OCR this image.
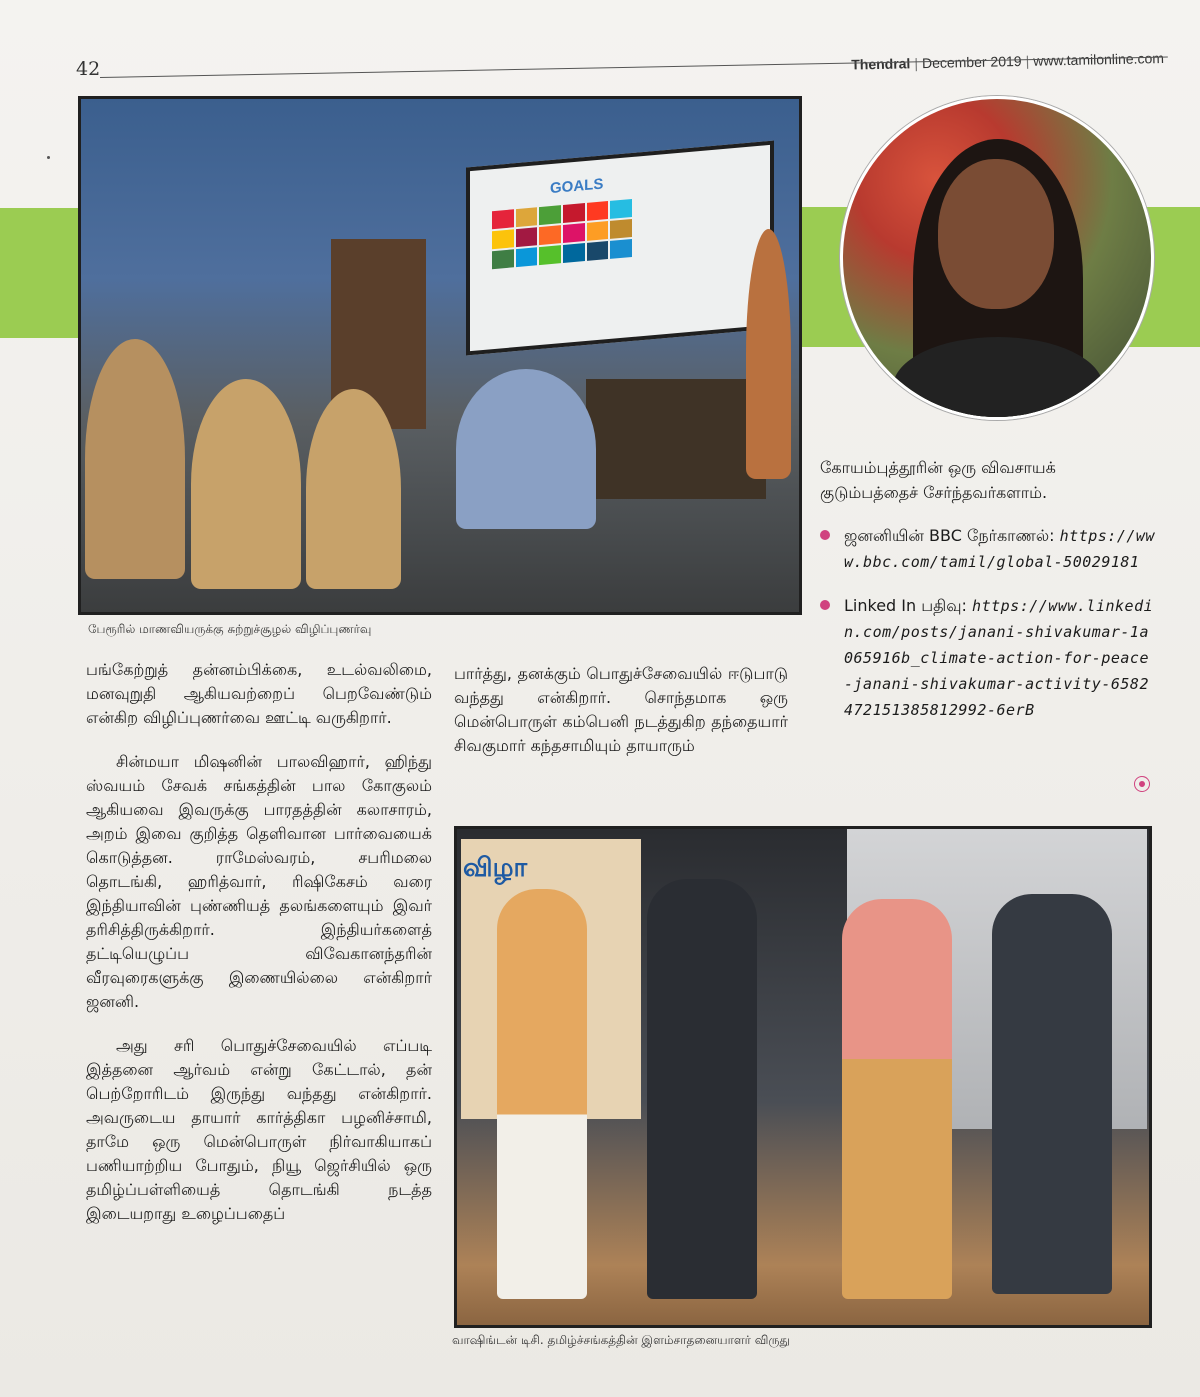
42	Thendral | December 2019 | www.tamilonline.com
GOALS
பேரூரில் மாணவியருக்கு சுற்றுச்சூழல் விழிப்புணர்வு

பங்கேற்றுத் தன்னம்பிக்கை, உடல்வலிமை, மனவுறுதி ஆகியவற்றைப் பெறவேண்டும் என்கிற விழிப்புணர்வை ஊட்டி வருகிறார்.

சின்மயா மிஷனின் பாலவிஹார், ஹிந்து ஸ்வயம் சேவக் சங்கத்தின் பால கோகுலம் ஆகியவை இவருக்கு பாரதத்தின் கலாசாரம், அறம் இவை குறித்த தெளிவான பார்வையைக் கொடுத்தன. ராமேஸ்வரம், சபரிமலை தொடங்கி, ஹரித்வார், ரிஷிகேசம் வரை இந்தியாவின் புண்ணியத் தலங்களையும் இவர் தரிசித்திருக்கிறார். இந்தியர்களைத் தட்டியெழுப்ப விவேகானந்தரின் வீரவுரைகளுக்கு இணையில்லை என்கிறார் ஜனனி.

அது சரி பொதுச்சேவையில் எப்படி இத்தனை ஆர்வம் என்று கேட்டால், தன் பெற்றோரிடம் இருந்து வந்தது என்கிறார். அவருடைய தாயார் கார்த்திகா பழனிச்சாமி, தாமே ஒரு மென்பொருள் நிர்வாகியாகப் பணியாற்றிய போதும், நியூ ஜெர்சியில் ஒரு தமிழ்ப்பள்ளியைத் தொடங்கி நடத்த இடையறாது உழைப்பதைப்

பார்த்து, தனக்கும் பொதுச்சேவையில் ஈடுபாடு வந்தது என்கிறார். சொந்தமாக ஒரு மென்பொருள் கம்பெனி நடத்துகிற தந்தையார் சிவகுமார் கந்தசாமியும் தாயாரும்

கோயம்புத்தூரின் ஒரு விவசாயக் குடும்பத்தைச் சேர்ந்தவர்களாம்.

ஜனனியின் BBC நேர்காணல்: https://www.bbc.com/tamil/global-50029181
Linked In பதிவு: https://www.linkedin.com/posts/janani-shivakumar-1a065916b_climate-action-for-peace-janani-shivakumar-activity-6582472151385812992-6erB
விழா
வாஷிங்டன் டிசி. தமிழ்ச்சங்கத்தின் இளம்சாதனையாளர் விருது
